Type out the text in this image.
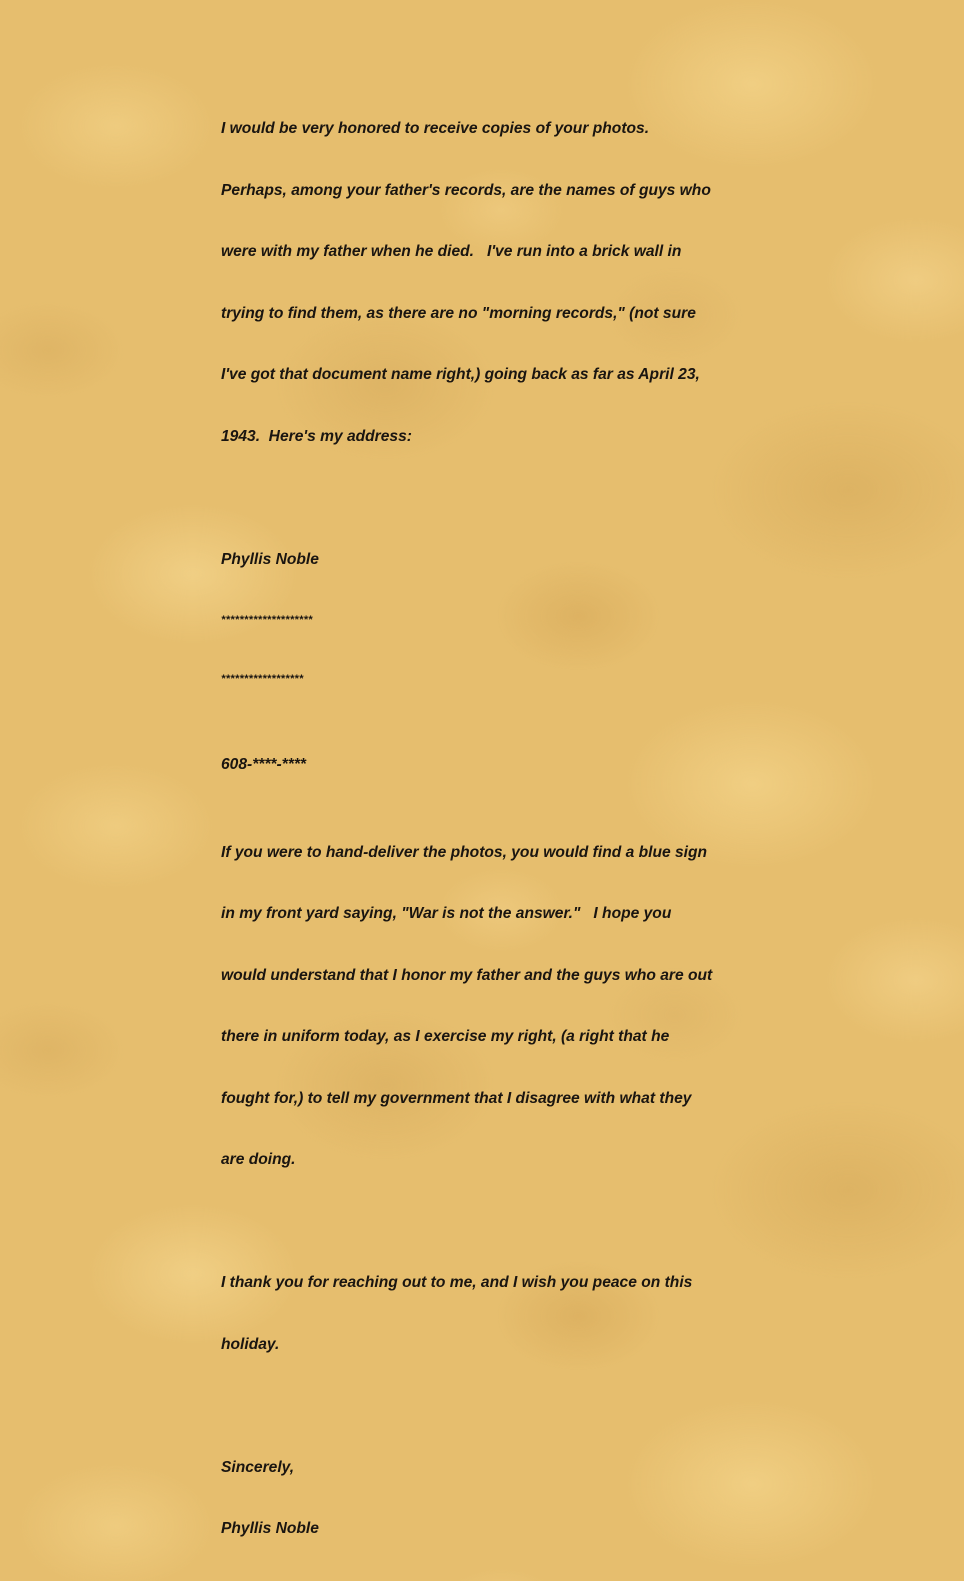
I would be very honored to receive copies of your photos.

Perhaps, among your father's records, are the names of guys who

were with my father when he died.   I've run into a brick wall in

trying to find them, as there are no "morning records," (not sure

I've got that document name right,) going back as far as April 23,

1943.  Here's my address:

Phyllis Noble

********************

******************

608-****-****

If you were to hand-deliver the photos, you would find a blue sign

in my front yard saying, "War is not the answer."   I hope you

would understand that I honor my father and the guys who are out

there in uniform today, as I exercise my right, (a right that he

fought for,) to tell my government that I disagree with what they

are doing.

I thank you for reaching out to me, and I wish you peace on this

holiday.

Sincerely,

Phyllis Noble
